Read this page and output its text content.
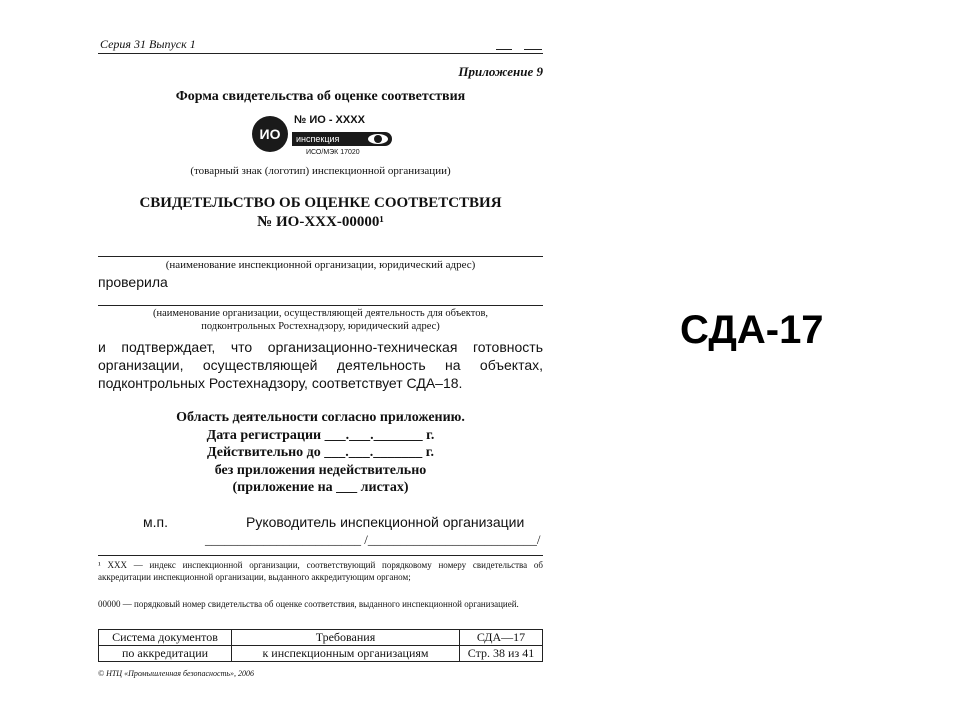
Серия 31 Выпуск 1
Приложение 9
Форма свидетельства об оценке соответствия
ИО
№ ИО - XXXX
инспекция
ИСО/МЭК 17020
(товарный знак (логотип) инспекционной организации)
СВИДЕТЕЛЬСТВО ОБ ОЦЕНКЕ СООТВЕТСТВИЯ
№ ИО-XXX-00000¹
(наименование инспекционной организации, юридический адрес)
проверила
(наименование организации, осуществляющей деятельность для объектов,
подконтрольных Ростехнадзору, юридический адрес)
и подтверждает, что организационно-техническая готовность организации, осуществляющей деятельность на объектах, подконтрольных Ростехнадзору, соответствует СДА–18.
Область деятельности согласно приложению.
Дата регистрации ___.___._______ г.
Действительно до ___.___._______ г.
без приложения недействительно
(приложение на ___ листах)
м.п.	Руководитель инспекционной организации
________________________ /__________________________/
¹ XXX — индекс инспекционной организации, соответствующий порядковому номеру свидетельства об аккредитации инспекционной организации, выданного аккредитующим органом;
00000 — порядковый номер свидетельства об оценке соответствия, выданного инспекционной организацией.
Система документов	Требования	СДА—17
по аккредитации	к инспекционным организациям	Стр. 38 из 41
© НТЦ «Промышленная безопасность», 2006
СДА-17
